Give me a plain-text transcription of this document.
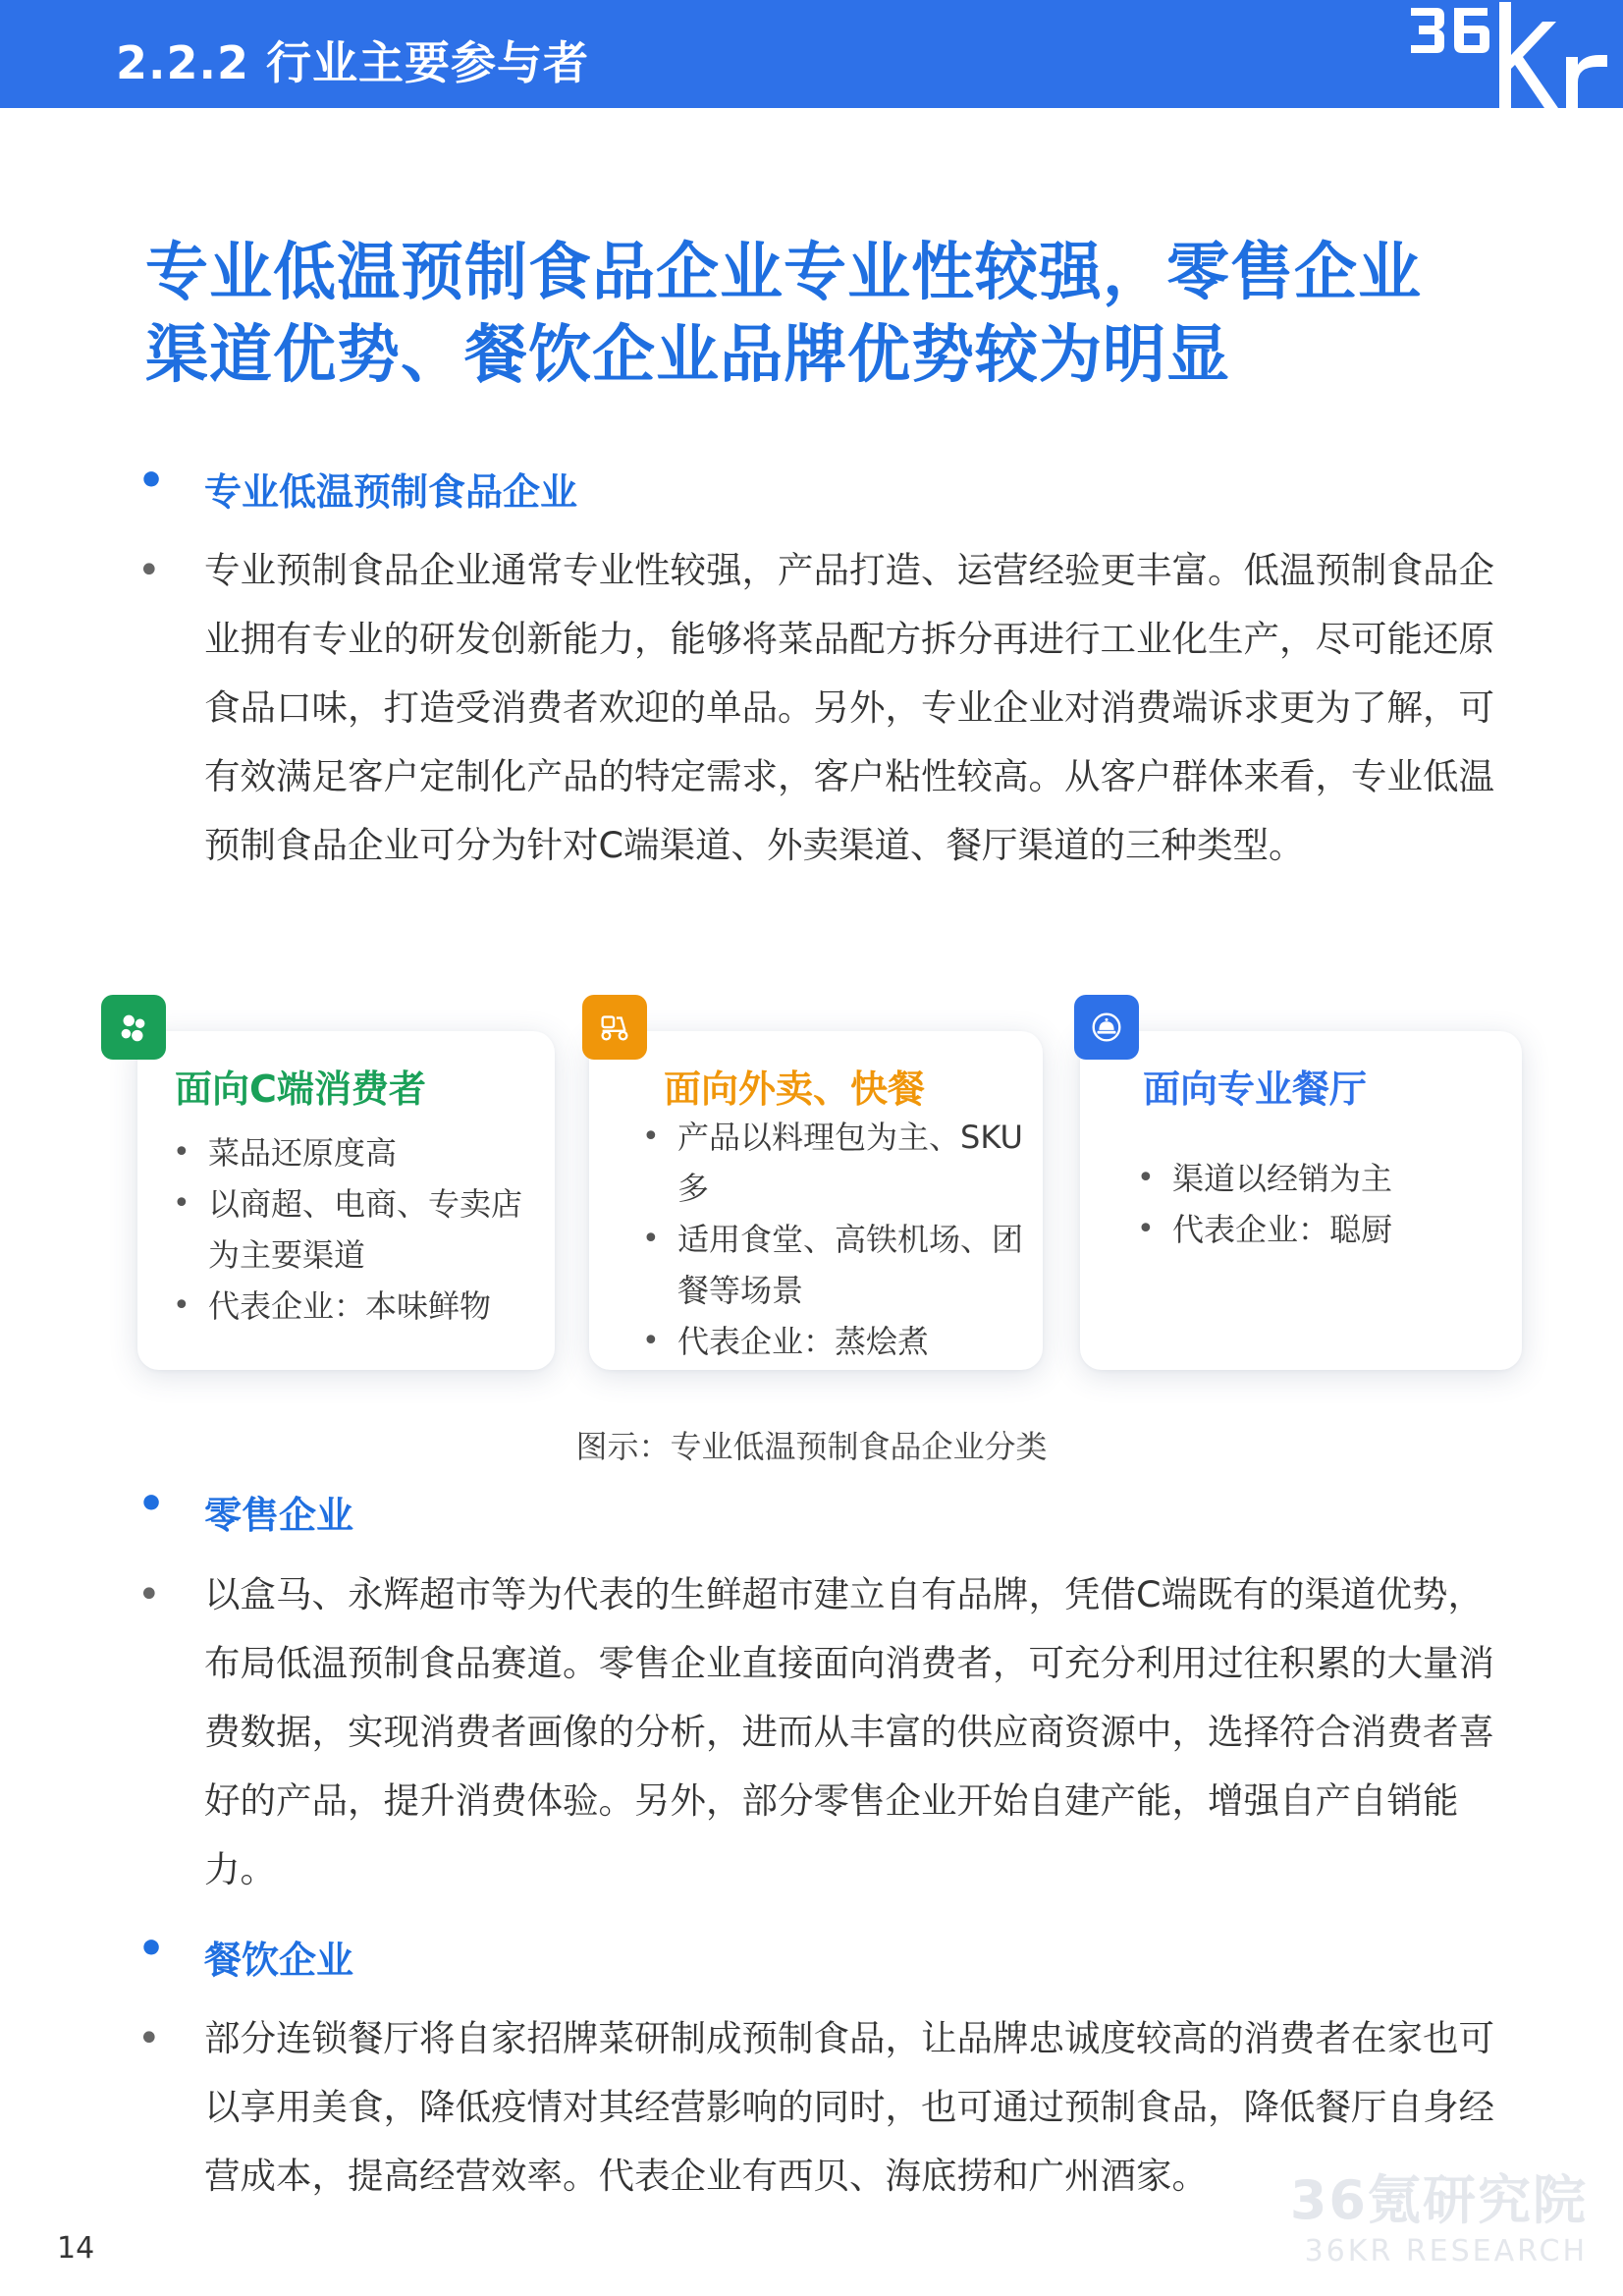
2.2.2 行业主要参与者
专业低温预制食品企业专业性较强，零售企业
渠道优势、餐饮企业品牌优势较为明显
• 专业低温预制食品企业
• 专业预制食品企业通常专业性较强，产品打造、运营经验更丰富。低温预制食品企业拥有专业的研发创新能力，能够将菜品配方拆分再进行工业化生产，尽可能还原食品口味，打造受消费者欢迎的单品。另外，专业企业对消费端诉求更为了解，可有效满足客户定制化产品的特定需求，客户粘性较高。从客户群体来看，专业低温预制食品企业可分为针对C端渠道、外卖渠道、餐厅渠道的三种类型。
面向C端消费者
• 菜品还原度高
• 以商超、电商、专卖店为主要渠道
• 代表企业：本味鲜物
面向外卖、快餐
• 产品以料理包为主、SKU多
• 适用食堂、高铁机场、团餐等场景
• 代表企业：蒸烩煮
面向专业餐厅
• 渠道以经销为主
• 代表企业：聪厨
图示：专业低温预制食品企业分类
• 零售企业
• 以盒马、永辉超市等为代表的生鲜超市建立自有品牌，凭借C端既有的渠道优势，布局低温预制食品赛道。零售企业直接面向消费者，可充分利用过往积累的大量消费数据，实现消费者画像的分析，进而从丰富的供应商资源中，选择符合消费者喜好的产品，提升消费体验。另外，部分零售企业开始自建产能，增强自产自销能力。
• 餐饮企业
• 部分连锁餐厅将自家招牌菜研制成预制食品，让品牌忠诚度较高的消费者在家也可以享用美食，降低疫情对其经营影响的同时，也可通过预制食品，降低餐厅自身经营成本，提高经营效率。代表企业有西贝、海底捞和广州酒家。
14
36氪研究院
36KR RESEARCH
